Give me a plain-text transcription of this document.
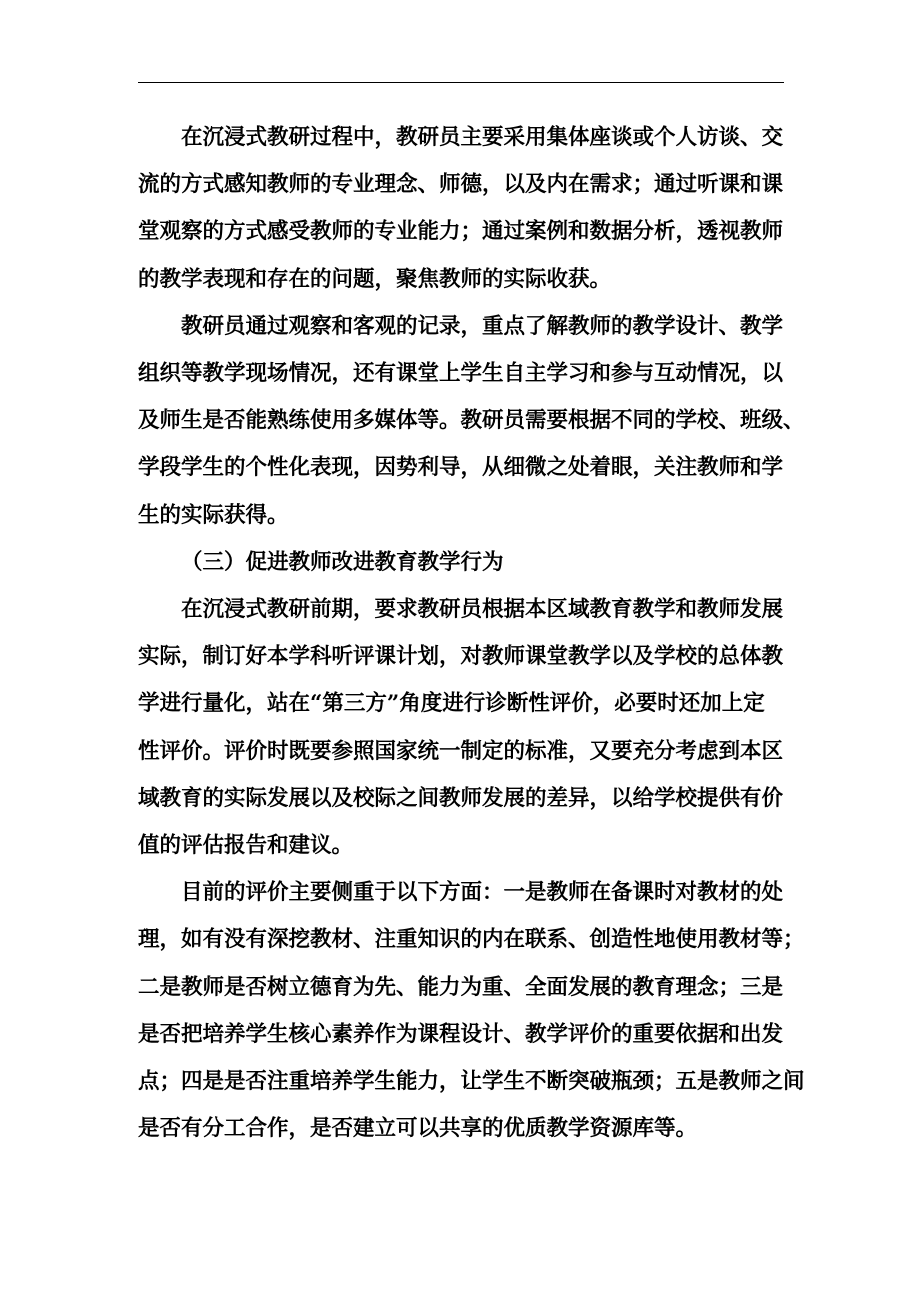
在沉浸式教研过程中，教研员主要采用集体座谈或个人访谈、交
流的方式感知教师的专业理念、师德，以及内在需求；通过听课和课
堂观察的方式感受教师的专业能力；通过案例和数据分析，透视教师
的教学表现和存在的问题，聚焦教师的实际收获。

教研员通过观察和客观的记录，重点了解教师的教学设计、教学
组织等教学现场情况，还有课堂上学生自主学习和参与互动情况，以
及师生是否能熟练使用多媒体等。教研员需要根据不同的学校、班级、
学段学生的个性化表现，因势利导，从细微之处着眼，关注教师和学
生的实际获得。

（三）促进教师改进教育教学行为

在沉浸式教研前期，要求教研员根据本区域教育教学和教师发展
实际，制订好本学科听评课计划，对教师课堂教学以及学校的总体教
学进行量化，站在“第三方”角度进行诊断性评价，必要时还加上定
性评价。评价时既要参照国家统一制定的标准，又要充分考虑到本区
域教育的实际发展以及校际之间教师发展的差异，以给学校提供有价
值的评估报告和建议。

目前的评价主要侧重于以下方面：一是教师在备课时对教材的处
理，如有没有深挖教材、注重知识的内在联系、创造性地使用教材等；
二是教师是否树立德育为先、能力为重、全面发展的教育理念；三是
是否把培养学生核心素养作为课程设计、教学评价的重要依据和出发
点；四是是否注重培养学生能力，让学生不断突破瓶颈；五是教师之间
是否有分工合作，是否建立可以共享的优质教学资源库等。
